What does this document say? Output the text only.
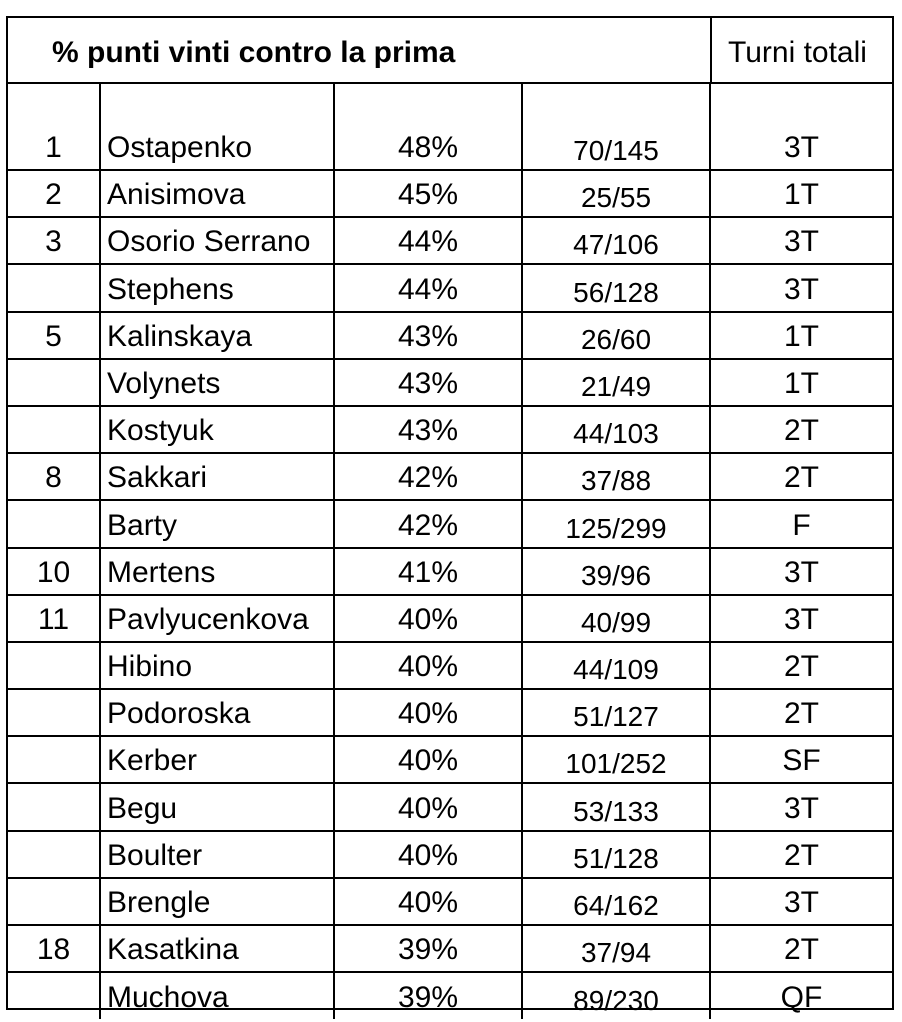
% punti vinti contro la prima	Turni totali
1	Ostapenko	48%	70/145	3T
2	Anisimova	45%	25/55	1T
3	Osorio Serrano	44%	47/106	3T
	Stephens	44%	56/128	3T
5	Kalinskaya	43%	26/60	1T
	Volynets	43%	21/49	1T
	Kostyuk	43%	44/103	2T
8	Sakkari	42%	37/88	2T
	Barty	42%	125/299	F
10	Mertens	41%	39/96	3T
11	Pavlyucenkova	40%	40/99	3T
	Hibino	40%	44/109	2T
	Podoroska	40%	51/127	2T
	Kerber	40%	101/252	SF
	Begu	40%	53/133	3T
	Boulter	40%	51/128	2T
	Brengle	40%	64/162	3T
18	Kasatkina	39%	37/94	2T
	Muchova	39%	89/230	QF
